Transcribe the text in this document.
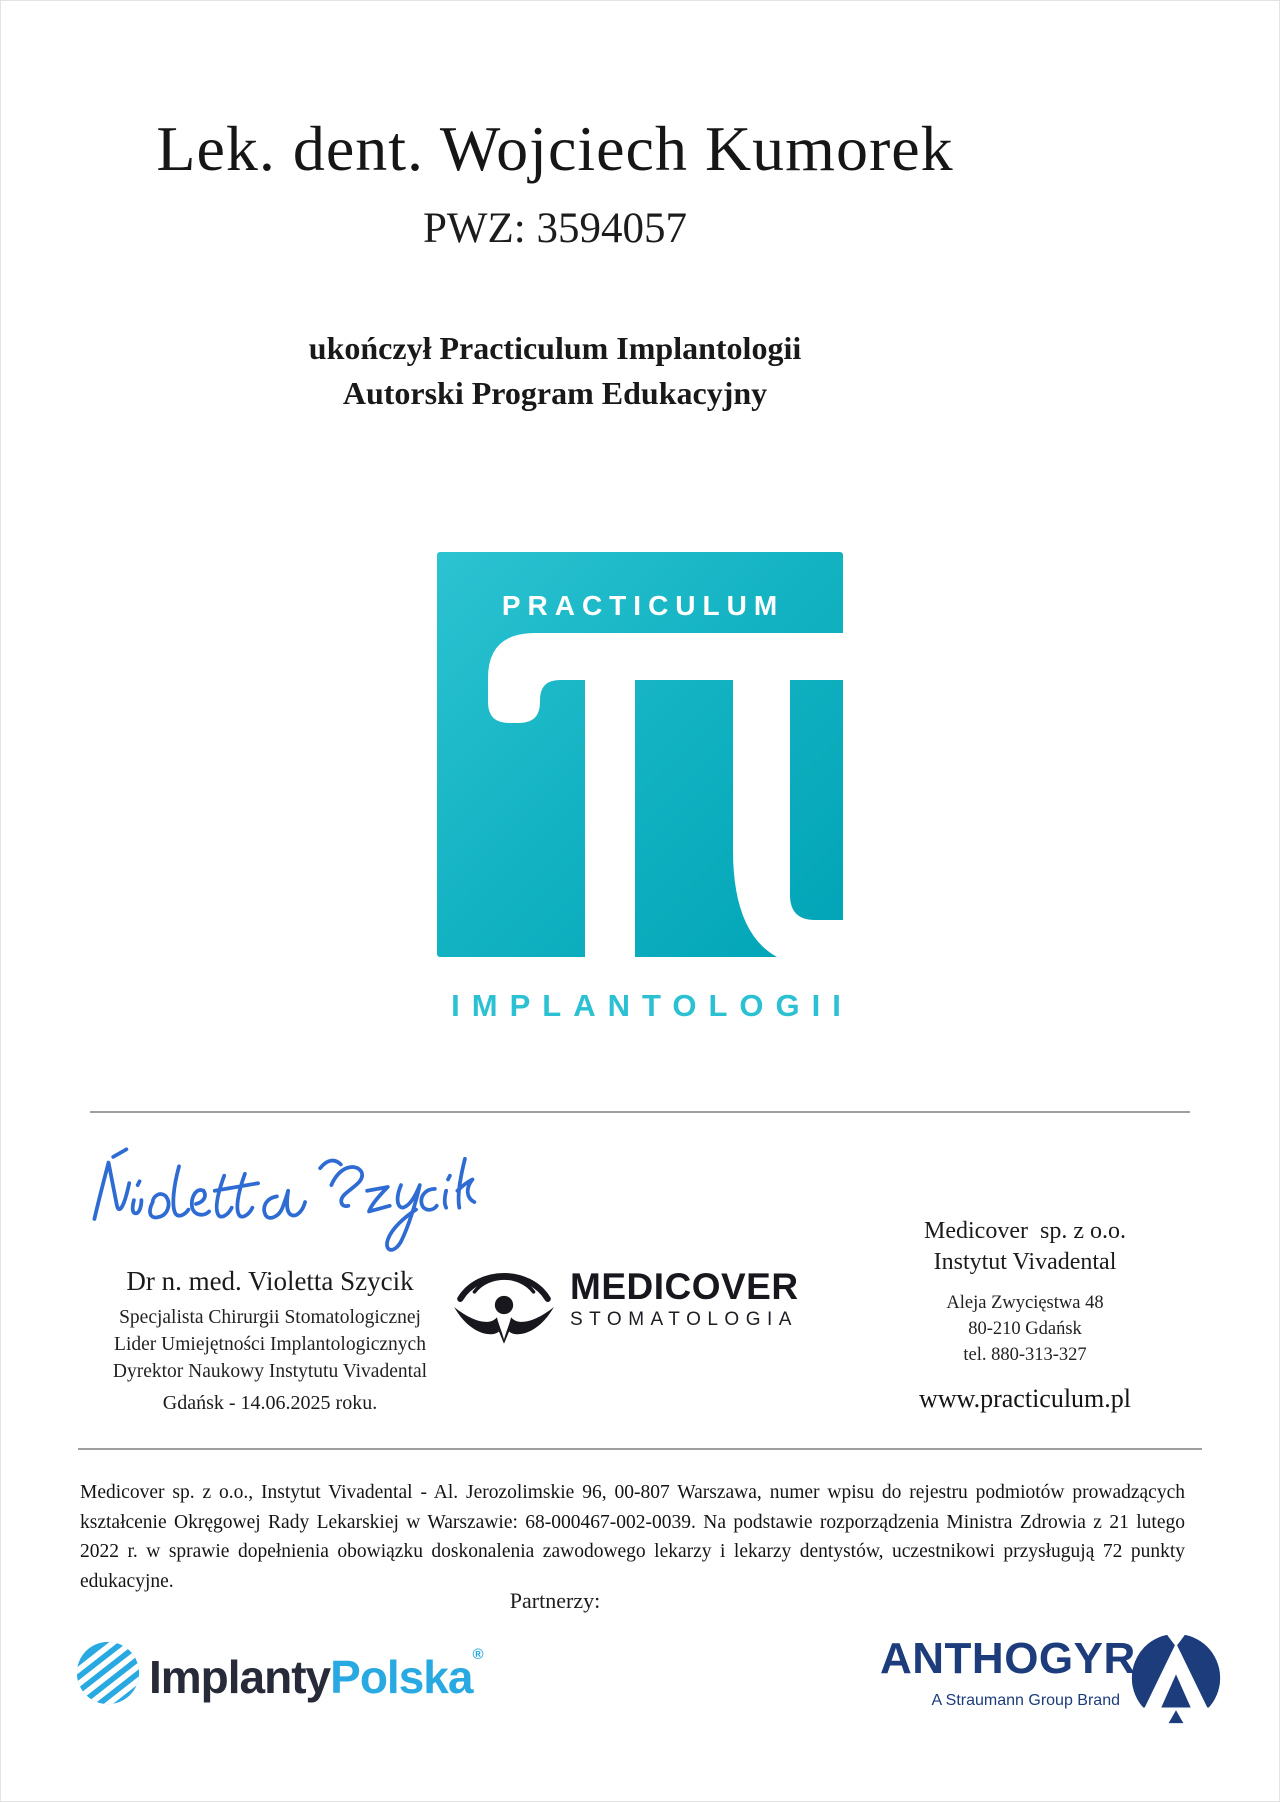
Lek. dent. Wojciech Kumorek
PWZ: 3594057
ukończył Practiculum Implantologii
Autorski Program Edukacyjny
PRACTICULUM
IMPLANTOLOGII
Dr n. med. Violetta Szycik
Specjalista Chirurgii Stomatologicznej
Lider Umiejętności Implantologicznych
Dyrektor Naukowy Instytutu Vivadental
Gdańsk - 14.06.2025 roku.
MEDICOVER
STOMATOLOGIA
Medicover  sp. z o.o.
Instytut Vivadental
Aleja Zwycięstwa 48
80-210 Gdańsk
tel. 880-313-327
www.practiculum.pl
Medicover sp. z o.o., Instytut Vivadental - Al. Jerozolimskie 96, 00-807 Warszawa, numer wpisu do rejestru podmiotów prowadzących kształcenie Okręgowej Rady Lekarskiej w Warszawie: 68-000467-002-0039. Na podstawie rozporządzenia Ministra Zdrowia z 21 lutego 2022 r. w sprawie dopełnienia obowiązku doskonalenia zawodowego lekarzy i lekarzy dentystów, uczestnikowi przysługują 72 punkty edukacyjne.
Partnerzy:
ImplantyPolska®	ANTHOGYR
A Straumann Group Brand
